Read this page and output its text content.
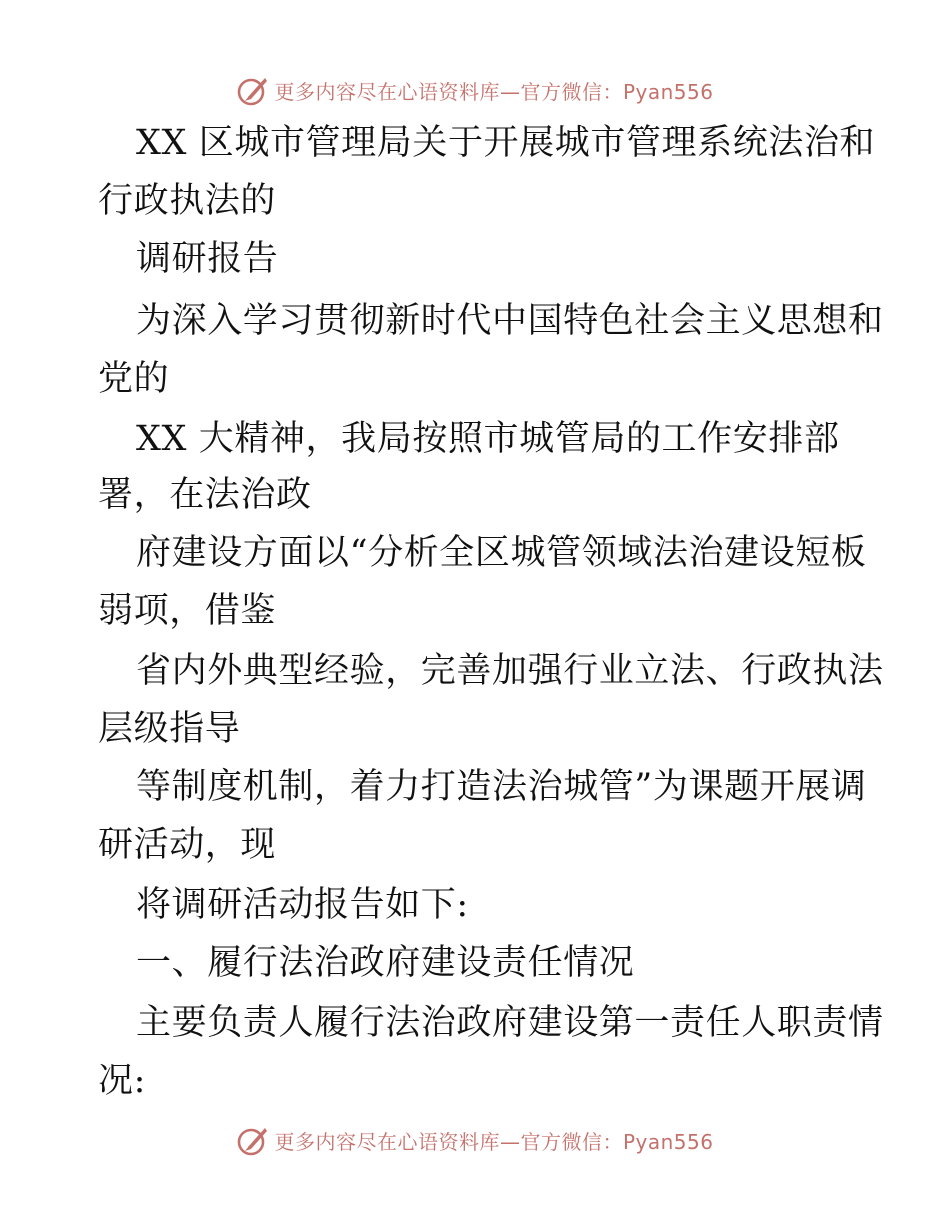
更多内容尽在心语资料库—官方微信：Pyan556
XX 区城市管理局关于开展城市管理系统法治和
行政执法的
调研报告
为深入学习贯彻新时代中国特色社会主义思想和
党的
XX 大精神，我局按照市城管局的工作安排部
署，在法治政
府建设方面以“分析全区城管领域法治建设短板
弱项，借鉴
省内外典型经验，完善加强行业立法、行政执法
层级指导
等制度机制，着力打造法治城管”为课题开展调
研活动，现
将调研活动报告如下:
一、履行法治政府建设责任情况
主要负责人履行法治政府建设第一责任人职责情
况:
更多内容尽在心语资料库—官方微信：Pyan556
